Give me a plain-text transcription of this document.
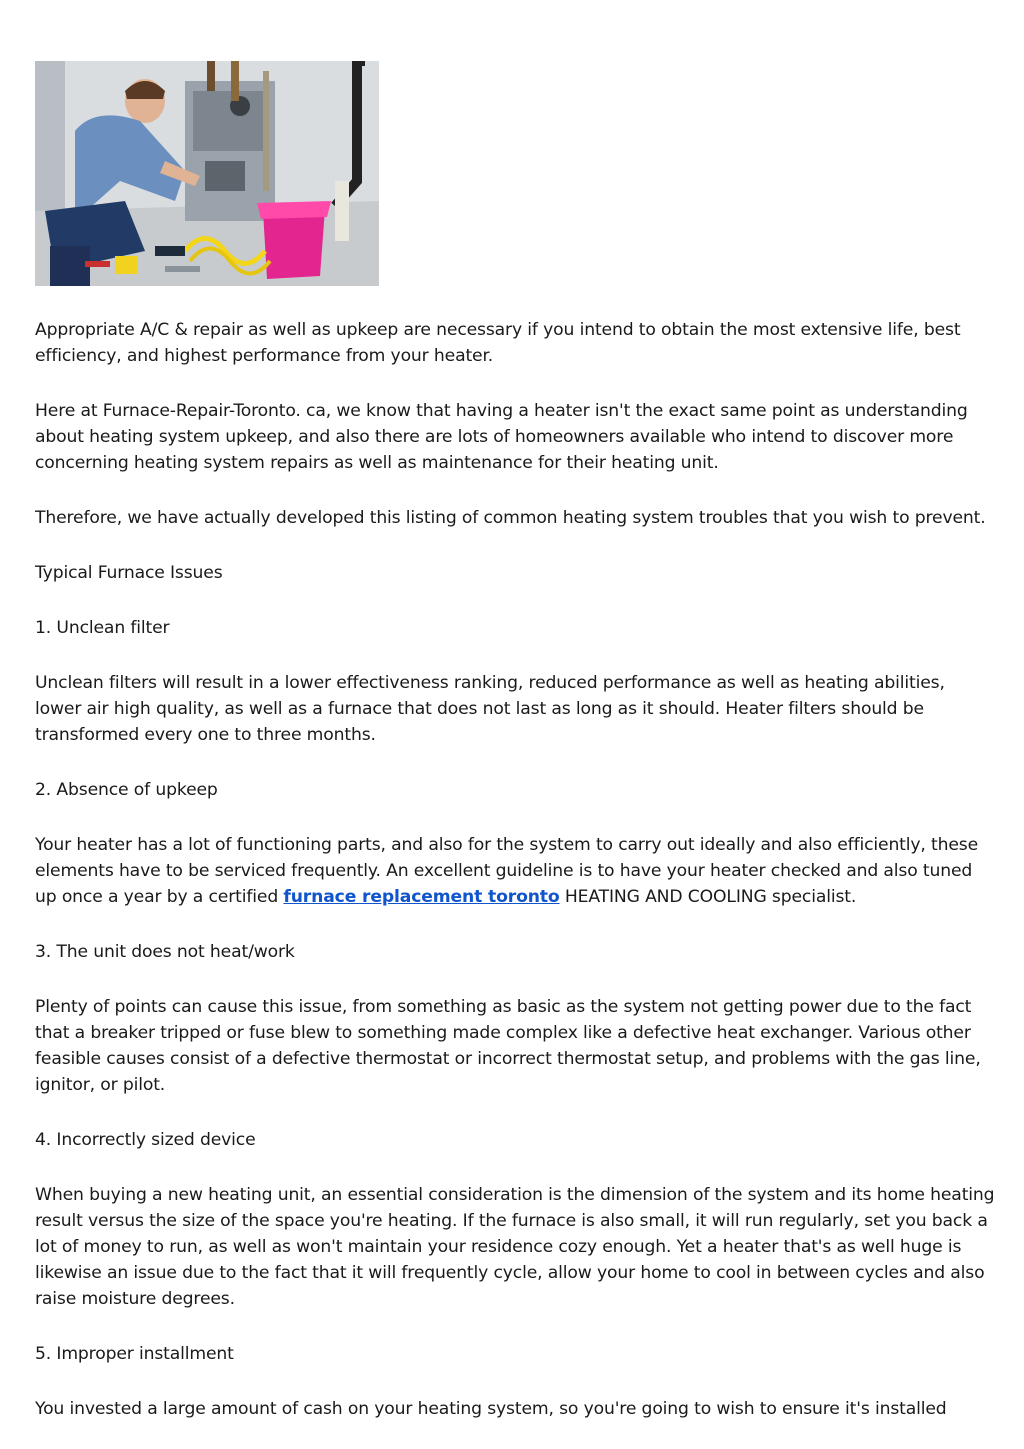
Appropriate A/C & repair as well as upkeep are necessary if you intend to obtain the most extensive life, best efficiency, and highest performance from your heater.

Here at Furnace-Repair-Toronto. ca, we know that having a heater isn't the exact same point as understanding about heating system upkeep, and also there are lots of homeowners available who intend to discover more concerning heating system repairs as well as maintenance for their heating unit.

Therefore, we have actually developed this listing of common heating system troubles that you wish to prevent.

Typical Furnace Issues

1. Unclean filter

Unclean filters will result in a lower effectiveness ranking, reduced performance as well as heating abilities, lower air high quality, as well as a furnace that does not last as long as it should. Heater filters should be transformed every one to three months.

2. Absence of upkeep

Your heater has a lot of functioning parts, and also for the system to carry out ideally and also efficiently, these elements have to be serviced frequently. An excellent guideline is to have your heater checked and also tuned up once a year by a certified furnace replacement toronto HEATING AND COOLING specialist.

3. The unit does not heat/work

Plenty of points can cause this issue, from something as basic as the system not getting power due to the fact that a breaker tripped or fuse blew to something made complex like a defective heat exchanger. Various other feasible causes consist of a defective thermostat or incorrect thermostat setup, and problems with the gas line, ignitor, or pilot.

4. Incorrectly sized device

When buying a new heating unit, an essential consideration is the dimension of the system and its home heating result versus the size of the space you're heating. If the furnace is also small, it will run regularly, set you back a lot of money to run, as well as won't maintain your residence cozy enough. Yet a heater that's as well huge is likewise an issue due to the fact that it will frequently cycle, allow your home to cool in between cycles and also raise moisture degrees.

5. Improper installment

You invested a large amount of cash on your heating system, so you're going to wish to ensure it's installed
